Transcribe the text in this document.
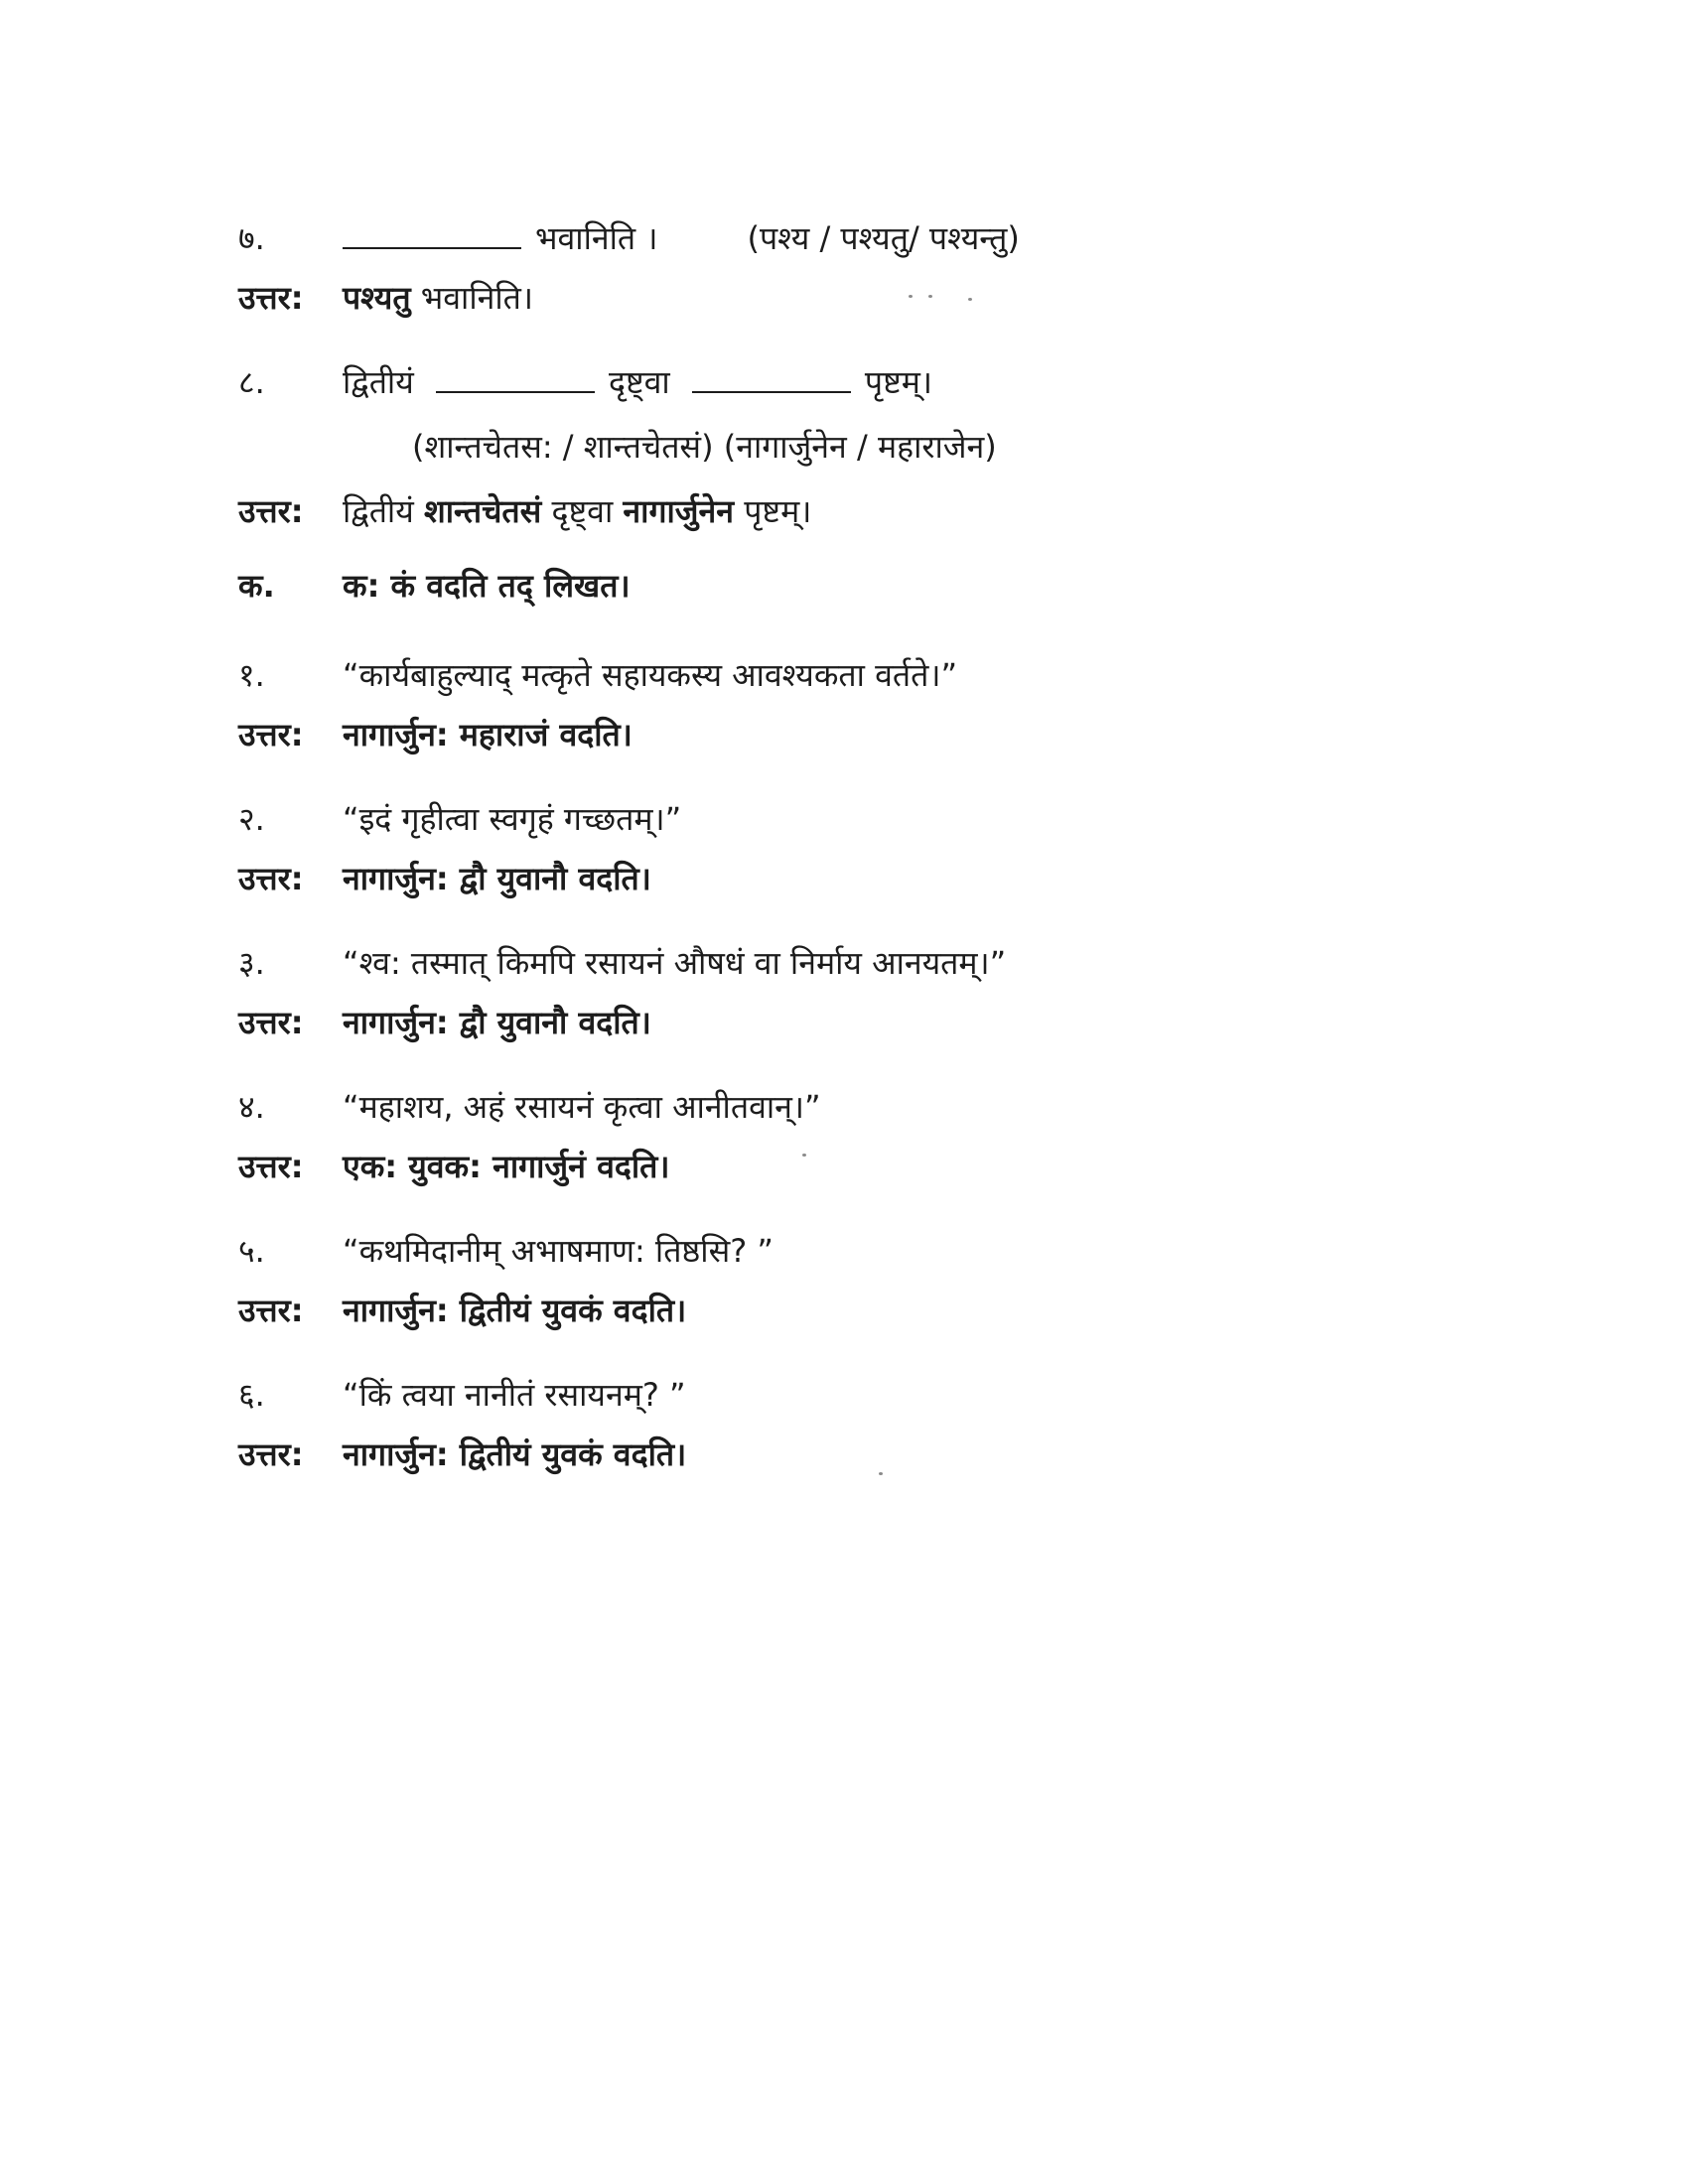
७.	भवानिति ।	(पश्य / पश्यतु/ पश्यन्तु)
उत्तर: पश्यतु भवानिति।
८. द्वितीयं	दृष्ट्वा	पृष्टम्।
(शान्तचेतस: / शान्तचेतसं) (नागार्जुनेन / महाराजेन)
उत्तर: द्वितीयं शान्तचेतसं दृष्ट्वा नागार्जुनेन पृष्टम्।
क. क: कं वदति तद् लिखत।
१. “कार्यबाहुल्याद् मत्कृते सहायकस्य आवश्यकता वर्तते।”
उत्तर: नागार्जुन: महाराजं वदति।
२. “इदं गृहीत्वा स्वगृहं गच्छतम्।”
उत्तर: नागार्जुन: द्वौ युवानौ वदति।
३. “श्व: तस्मात् किमपि रसायनं औषधं वा निर्माय आनयतम्।”
उत्तर: नागार्जुन: द्वौ युवानौ वदति।
४. “महाशय, अहं रसायनं कृत्वा आनीतवान्।”
उत्तर: एक: युवक: नागार्जुनं वदति।
५. “कथमिदानीम् अभाषमाण: तिष्ठसि? ”
उत्तर: नागार्जुन: द्वितीयं युवकं वदति।
६. “किं त्वया नानीतं रसायनम्? ”
उत्तर: नागार्जुन: द्वितीयं युवकं वदति।
